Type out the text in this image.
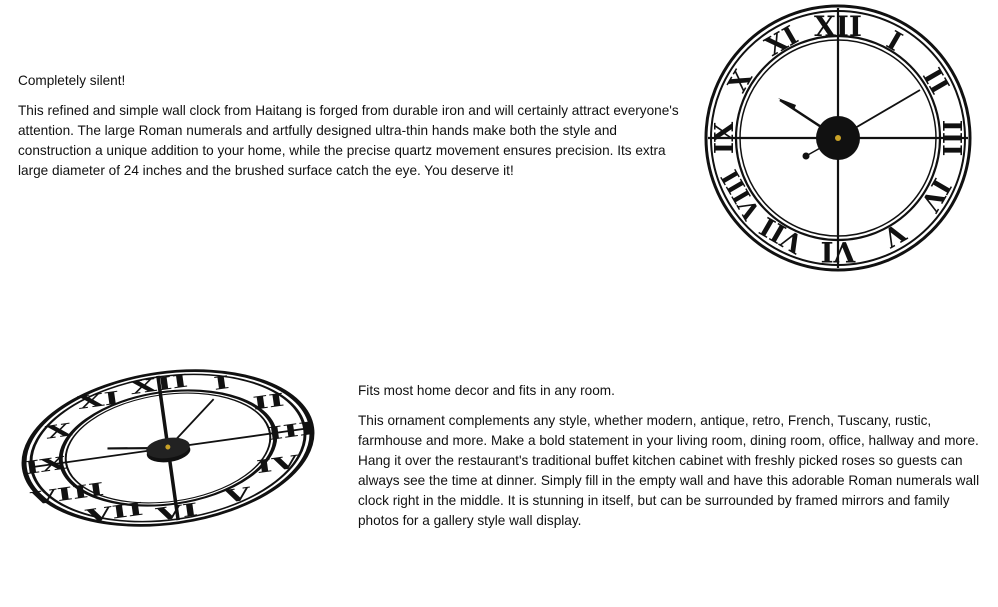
Completely silent!

This refined and simple wall clock from Haitang is forged from durable iron and will certainly attract everyone's attention. The large Roman numerals and artfully designed ultra-thin hands make both the style and construction a unique addition to your home, while the precise quartz movement ensures precision. Its extra large diameter of 24 inches and the brushed surface catch the eye. You deserve it!

XII I
II
III
IV
V
VI
VII
VIII
IX
X
XI
XII I
II
III
IV
V
VI
VII
VIII
IX
X
XI	Fits most home decor and fits in any room.

This ornament complements any style, whether modern, antique, retro, French, Tuscany, rustic, farmhouse and more. Make a bold statement in your living room, dining room, office, hallway and more. Hang it over the restaurant's traditional buffet kitchen cabinet with freshly picked roses so guests can always see the time at dinner. Simply fill in the empty wall and have this adorable Roman numerals wall clock right in the middle. It is stunning in itself, but can be surrounded by framed mirrors and family photos for a gallery style wall display.
